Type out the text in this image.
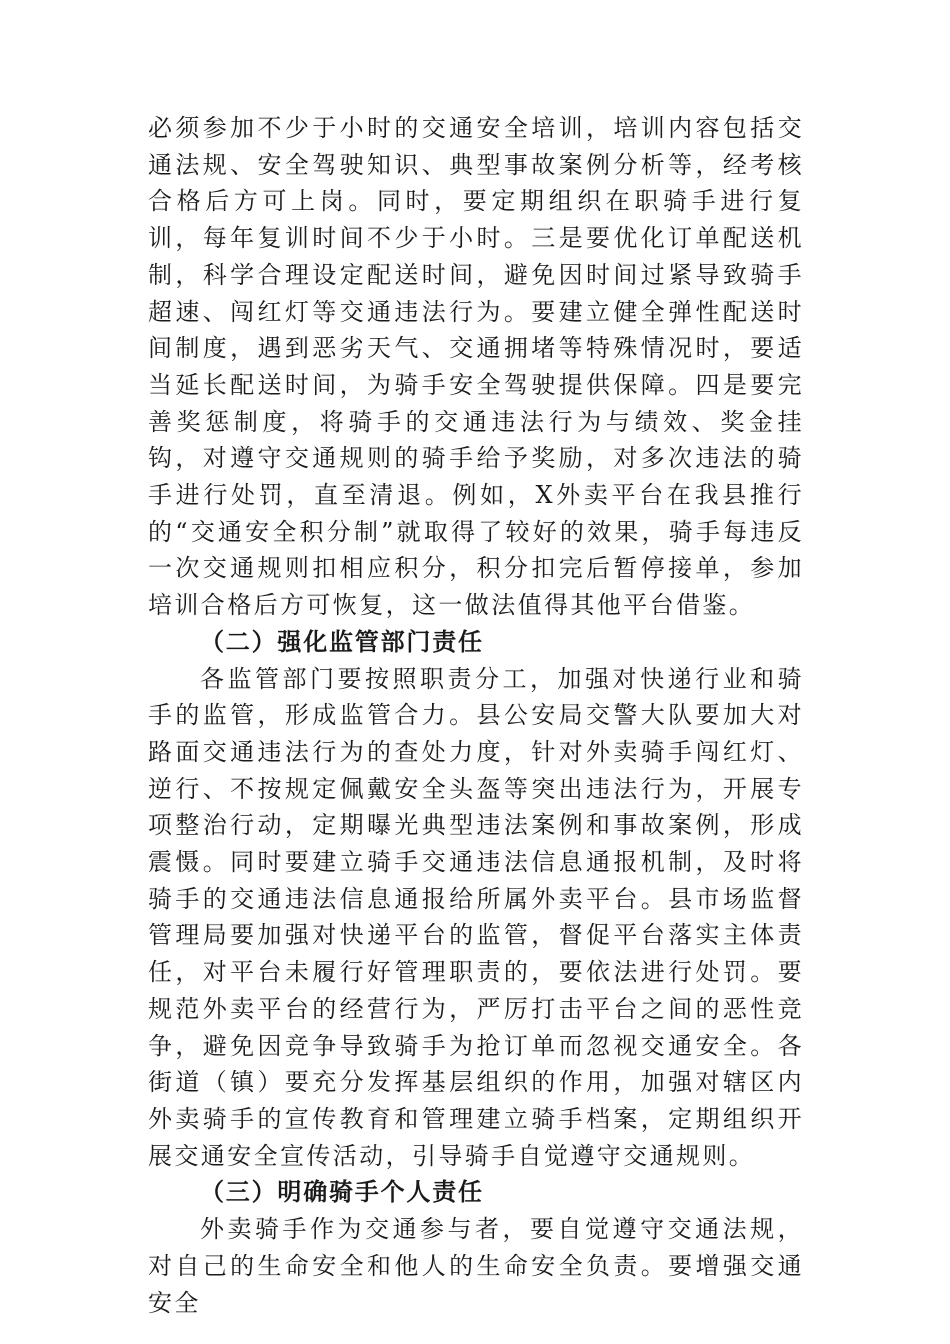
必须参加不少于小时的交通安全培训，培训内容包括交通法规、安全驾驶知识、典型事故案例分析等，经考核合格后方可上岗。同时，要定期组织在职骑手进行复训，每年复训时间不少于小时。三是要优化订单配送机制，科学合理设定配送时间，避免因时间过紧导致骑手超速、闯红灯等交通违法行为。要建立健全弹性配送时间制度，遇到恶劣天气、交通拥堵等特殊情况时，要适当延长配送时间，为骑手安全驾驶提供保障。四是要完善奖惩制度，将骑手的交通违法行为与绩效、奖金挂钩，对遵守交通规则的骑手给予奖励，对多次违法的骑手进行处罚，直至清退。例如，X外卖平台在我县推行的“交通安全积分制”就取得了较好的效果，骑手每违反一次交通规则扣相应积分，积分扣完后暂停接单，参加培训合格后方可恢复，这一做法值得其他平台借鉴。

（二）强化监管部门责任

各监管部门要按照职责分工，加强对快递行业和骑手的监管，形成监管合力。县公安局交警大队要加大对路面交通违法行为的查处力度，针对外卖骑手闯红灯、逆行、不按规定佩戴安全头盔等突出违法行为，开展专项整治行动，定期曝光典型违法案例和事故案例，形成震慑。同时要建立骑手交通违法信息通报机制，及时将骑手的交通违法信息通报给所属外卖平台。县市场监督管理局要加强对快递平台的监管，督促平台落实主体责任，对平台未履行好管理职责的，要依法进行处罚。要规范外卖平台的经营行为，严厉打击平台之间的恶性竞争，避免因竞争导致骑手为抢订单而忽视交通安全。各街道（镇）要充分发挥基层组织的作用，加强对辖区内外卖骑手的宣传教育和管理建立骑手档案，定期组织开展交通安全宣传活动，引导骑手自觉遵守交通规则。

（三）明确骑手个人责任

外卖骑手作为交通参与者，要自觉遵守交通法规，对自己的生命安全和他人的生命安全负责。要增强交通安全
